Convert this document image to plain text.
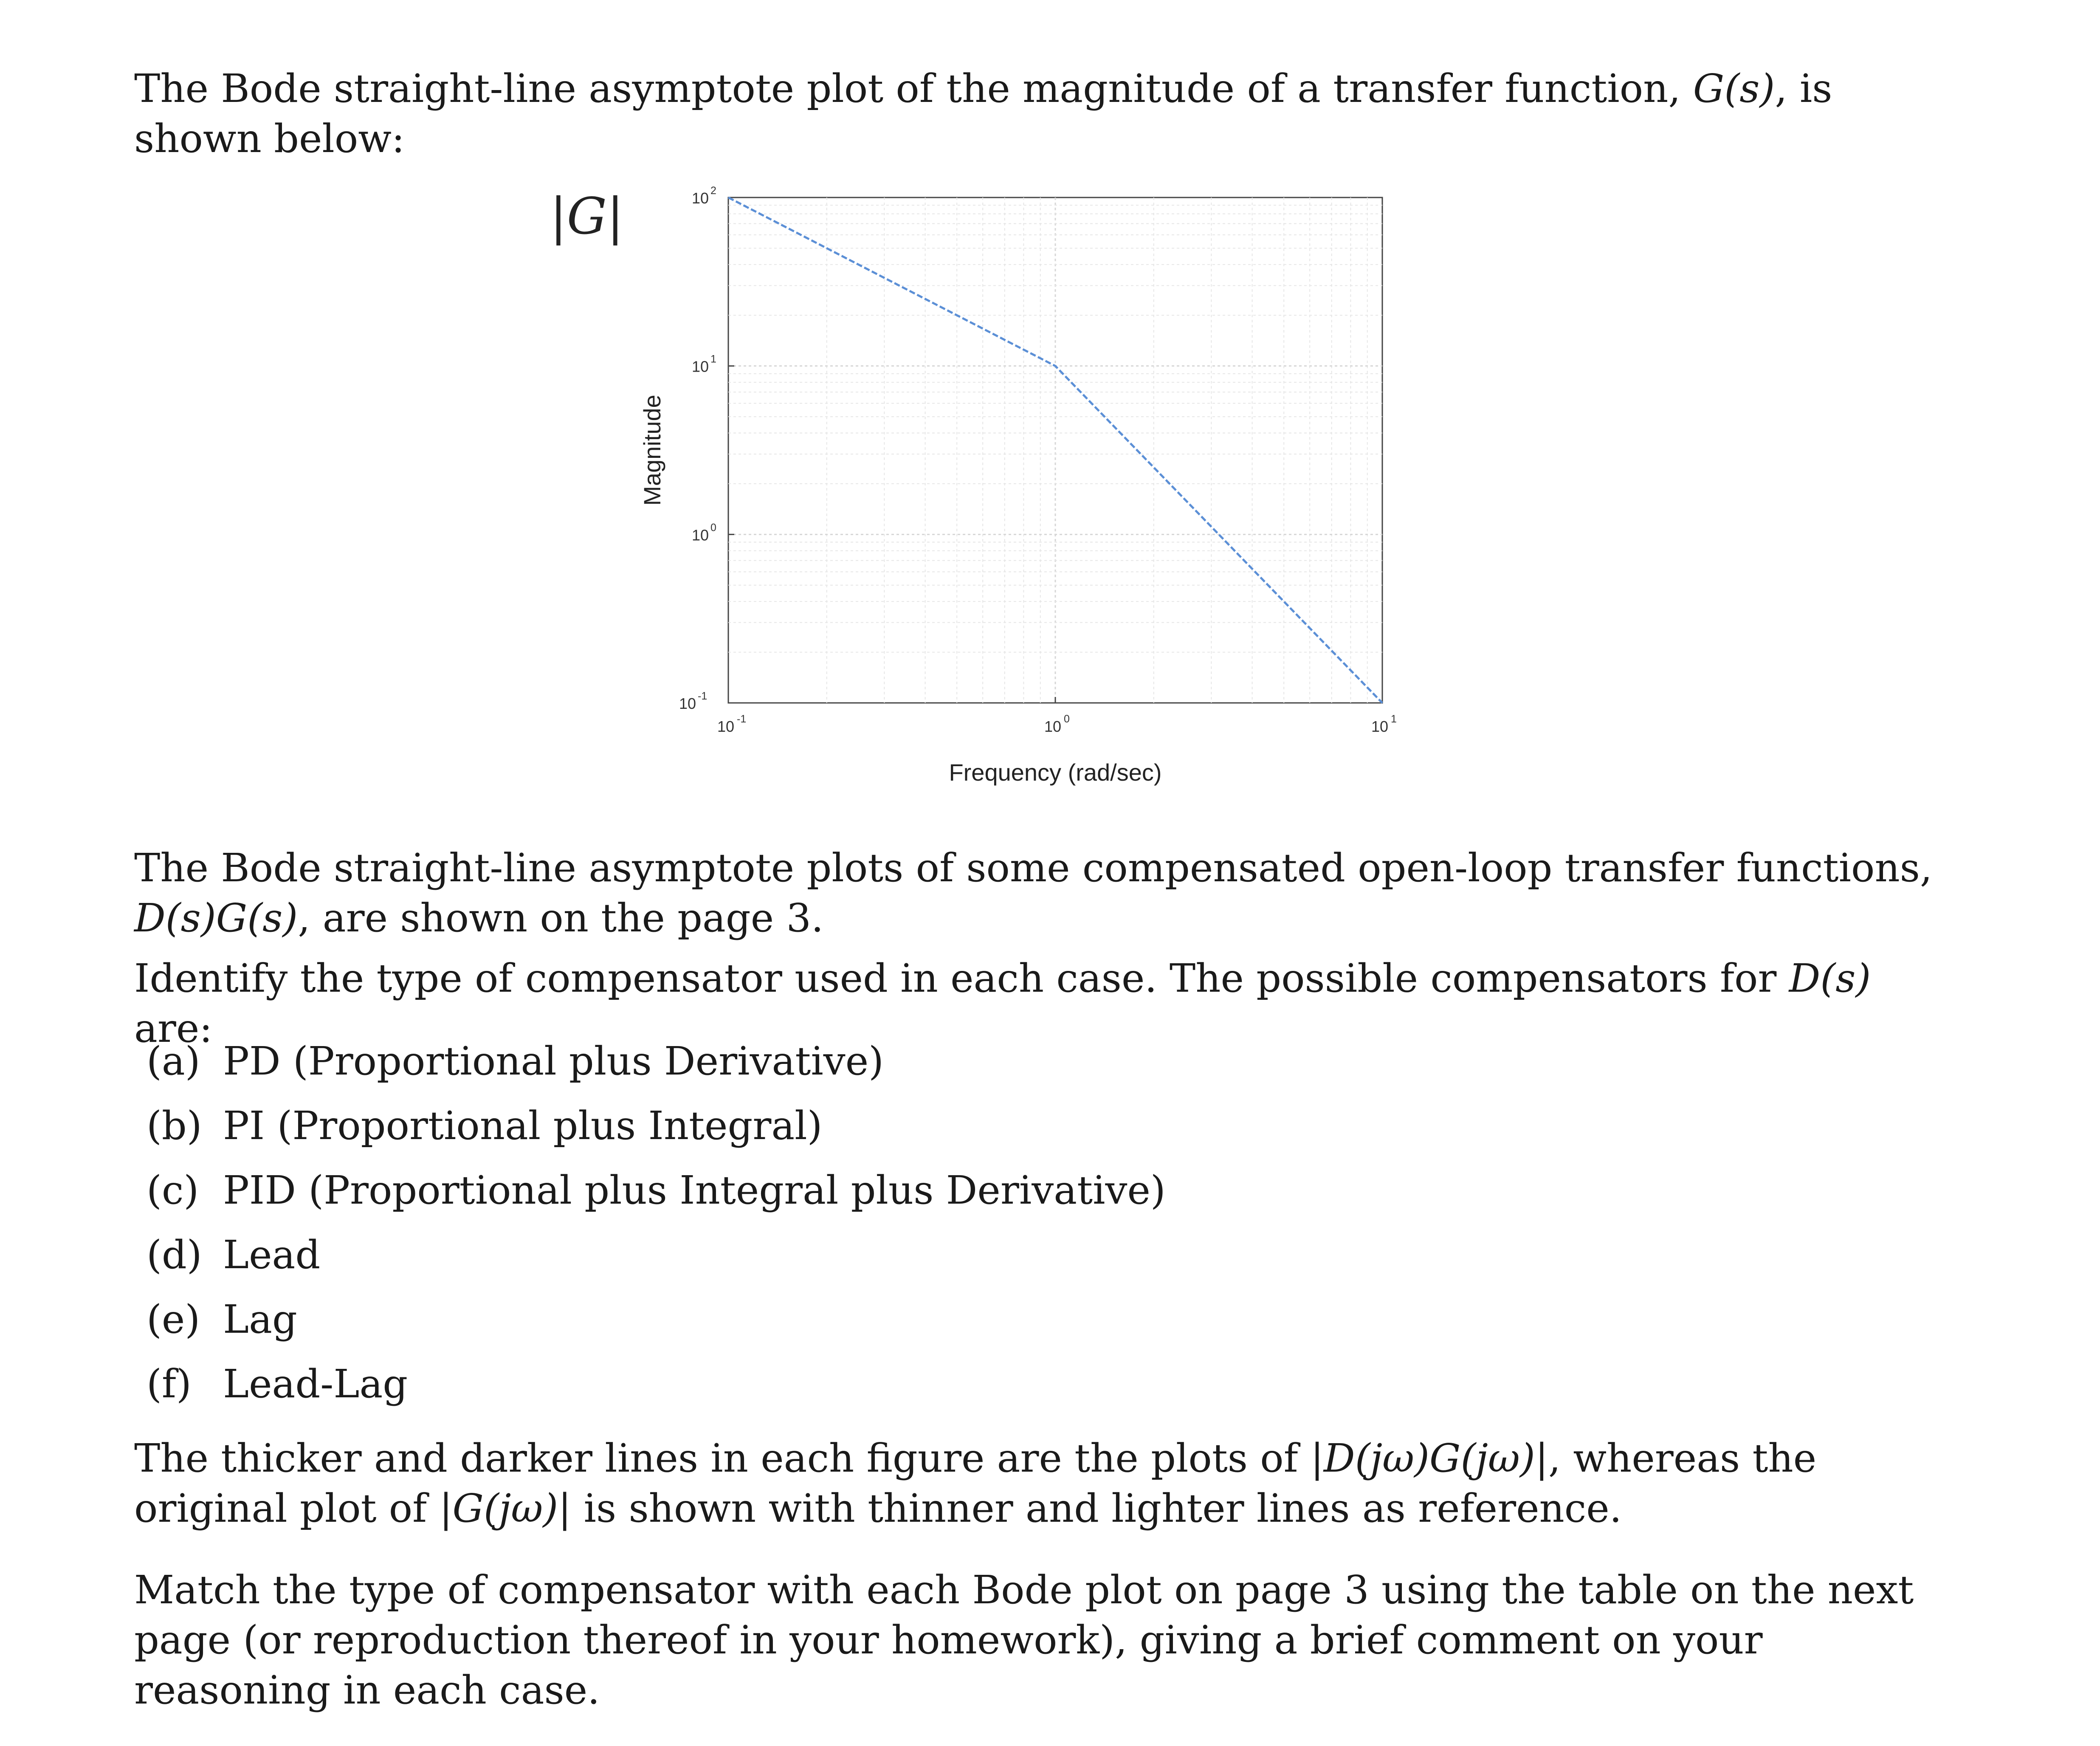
The Bode straight-line asymptote plot of the magnitude of a transfer function, G(s), is shown below:

|G|
10 -1	10 0	10 1
10 -1
10 0
10 1
10 2
Frequency (rad/sec)
Magnitude

The Bode straight-line asymptote plots of some compensated open-loop transfer functions, D(s)G(s), are shown on the page 3.

Identify the type of compensator used in each case. The possible compensators for D(s) are:

(a) PD (Proportional plus Derivative)
(b) PI (Proportional plus Integral)
(c) PID (Proportional plus Integral plus Derivative)
(d) Lead
(e) Lag
(f) Lead-Lag

The thicker and darker lines in each figure are the plots of |D(jω)G(jω)|, whereas the original plot of |G(jω)| is shown with thinner and lighter lines as reference.

Match the type of compensator with each Bode plot on page 3 using the table on the next page (or reproduction thereof in your homework), giving a brief comment on your reasoning in each case.
